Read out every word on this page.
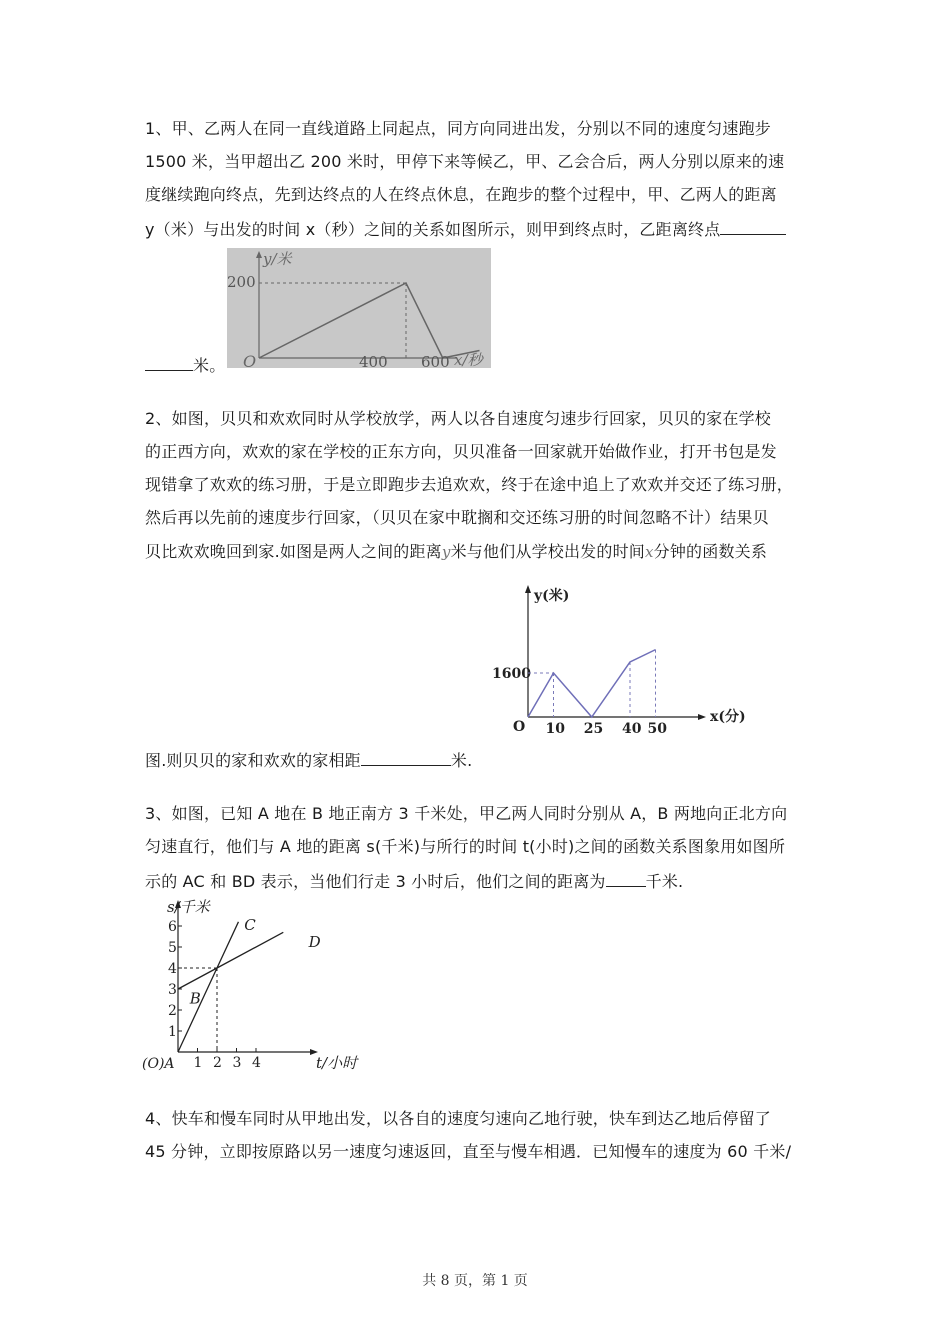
1、甲、乙两人在同一直线道路上同起点，同方向同进出发，分别以不同的速度匀速跑步
1500 米，当甲超出乙 200 米时，甲停下来等候乙，甲、乙会合后，两人分别以原来的速
度继续跑向终点，先到达终点的人在终点休息，在跑步的整个过程中，甲、乙两人的距离
y（米）与出发的时间 x（秒）之间的关系如图所示，则甲到终点时，乙距离终点
y/米
200
O	400 600 x/秒
米。
2、如图，贝贝和欢欢同时从学校放学，两人以各自速度匀速步行回家，贝贝的家在学校
的正西方向，欢欢的家在学校的正东方向，贝贝准备一回家就开始做作业，打开书包是发
现错拿了欢欢的练习册，于是立即跑步去追欢欢，终于在途中追上了欢欢并交还了练习册，
然后再以先前的速度步行回家，（贝贝在家中耽搁和交还练习册的时间忽略不计）结果贝
贝比欢欢晚回到家.如图是两人之间的距离y米与他们从学校出发的时间x分钟的函数关系
y(米)
x(分)
O
1600
10 25 40 50
图.则贝贝的家和欢欢的家相距	米.
3、如图，已知 A 地在 B 地正南方 3 千米处，甲乙两人同时分别从 A，B 两地向正北方向
匀速直行，他们与 A 地的距离 s(千米)与所行的时间 t(小时)之间的函数关系图象用如图所
示的 AC 和 BD 表示，当他们行走 3 小时后，他们之间的距离为	千米.
s/千米
t/小时
(O)A
1
2
3
4
5
6
1 2 3 4
C
D
B
4、快车和慢车同时从甲地出发，以各自的速度匀速向乙地行驶，快车到达乙地后停留了
45 分钟，立即按原路以另一速度匀速返回，直至与慢车相遇．已知慢车的速度为 60 千米/
共 8 页，第 1 页
